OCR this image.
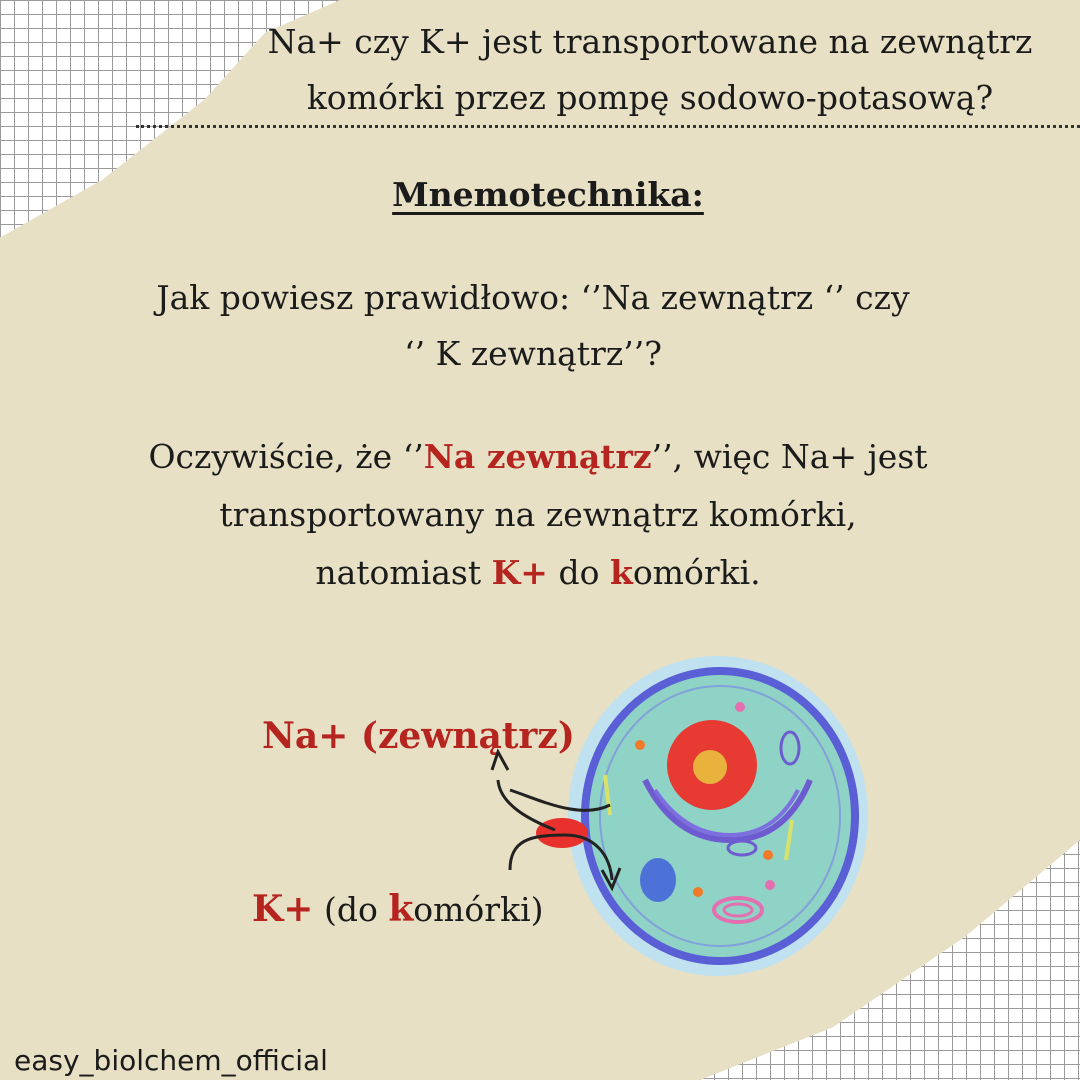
Na+ czy K+ jest transportowane na zewnątrz
komórki przez pompę sodowo-potasową?
Mnemotechnika:
Jak powiesz prawidłowo: ‘’Na zewnątrz ‘’ czy
‘’ K zewnątrz’’?
Oczywiście, że ‘’Na zewnątrz’’, więc Na+ jest
transportowany na zewnątrz komórki,
natomiast K+ do komórki.
Na+ (zewnątrz)
K+ (do komórki)
easy_biolchem_official
